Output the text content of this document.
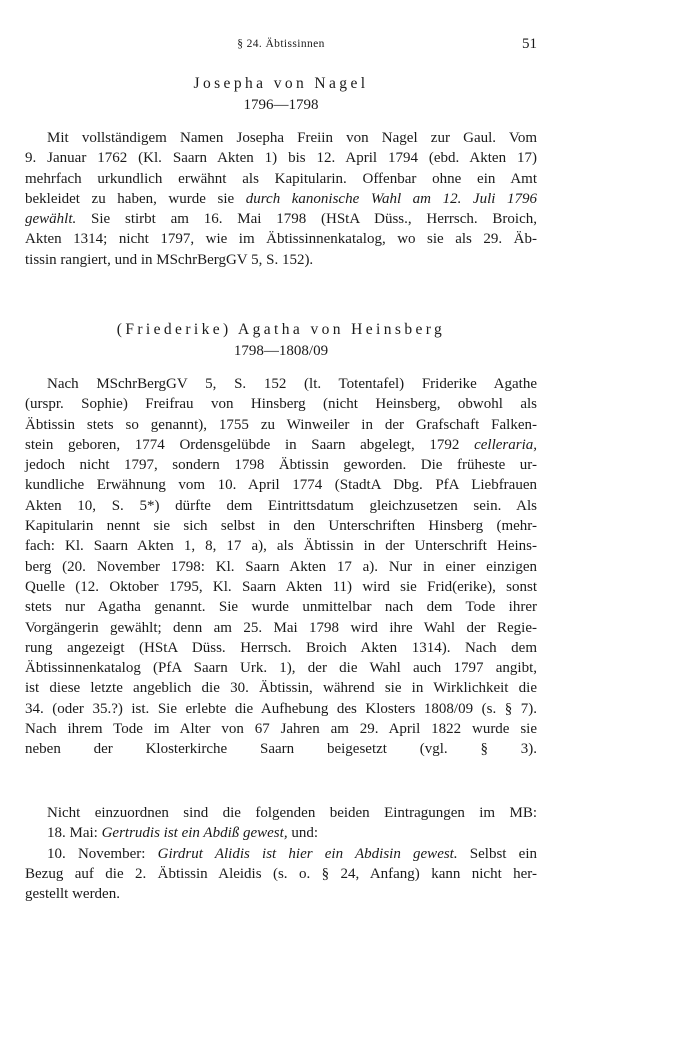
§ 24. Äbtissinnen	51
Josepha von Nagel
1796—1798
Mit vollständigem Namen Josepha Freiin von Nagel zur Gaul. Vom
9. Januar 1762 (Kl. Saarn Akten 1) bis 12. April 1794 (ebd. Akten 17)
mehrfach urkundlich erwähnt als Kapitularin. Offenbar ohne ein Amt
bekleidet zu haben, wurde sie durch kanonische Wahl am 12. Juli 1796
gewählt. Sie stirbt am 16. Mai 1798 (HStA Düss., Herrsch. Broich,
Akten 1314; nicht 1797, wie im Äbtissinnenkatalog, wo sie als 29. Äb-
tissin rangiert, und in MSchrBergGV 5, S. 152).
(Friederike) Agatha von Heinsberg
1798—1808/09
Nach MSchrBergGV 5, S. 152 (lt. Totentafel) Friderike Agathe
(urspr. Sophie) Freifrau von Hinsberg (nicht Heinsberg, obwohl als
Äbtissin stets so genannt), 1755 zu Winweiler in der Grafschaft Falken-
stein geboren, 1774 Ordensgelübde in Saarn abgelegt, 1792 celleraria,
jedoch nicht 1797, sondern 1798 Äbtissin geworden. Die früheste ur-
kundliche Erwähnung vom 10. April 1774 (StadtA Dbg. PfA Liebfrauen
Akten 10, S. 5*) dürfte dem Eintrittsdatum gleichzusetzen sein. Als
Kapitularin nennt sie sich selbst in den Unterschriften Hinsberg (mehr-
fach: Kl. Saarn Akten 1, 8, 17 a), als Äbtissin in der Unterschrift Heins-
berg (20. November 1798: Kl. Saarn Akten 17 a). Nur in einer einzigen
Quelle (12. Oktober 1795, Kl. Saarn Akten 11) wird sie Frid(erike), sonst
stets nur Agatha genannt. Sie wurde unmittelbar nach dem Tode ihrer
Vorgängerin gewählt; denn am 25. Mai 1798 wird ihre Wahl der Regie-
rung angezeigt (HStA Düss. Herrsch. Broich Akten 1314). Nach dem
Äbtissinnenkatalog (PfA Saarn Urk. 1), der die Wahl auch 1797 angibt,
ist diese letzte angeblich die 30. Äbtissin, während sie in Wirklichkeit die
34. (oder 35.?) ist. Sie erlebte die Aufhebung des Klosters 1808/09 (s. § 7).
Nach ihrem Tode im Alter von 67 Jahren am 29. April 1822 wurde sie
neben der Klosterkirche Saarn beigesetzt (vgl. § 3).
Nicht einzuordnen sind die folgenden beiden Eintragungen im MB:
18. Mai: Gertrudis ist ein Abdiß gewest, und:
10. November: Girdrut Alidis ist hier ein Abdisin gewest. Selbst ein
Bezug auf die 2. Äbtissin Aleidis (s. o. § 24, Anfang) kann nicht her-
gestellt werden.
